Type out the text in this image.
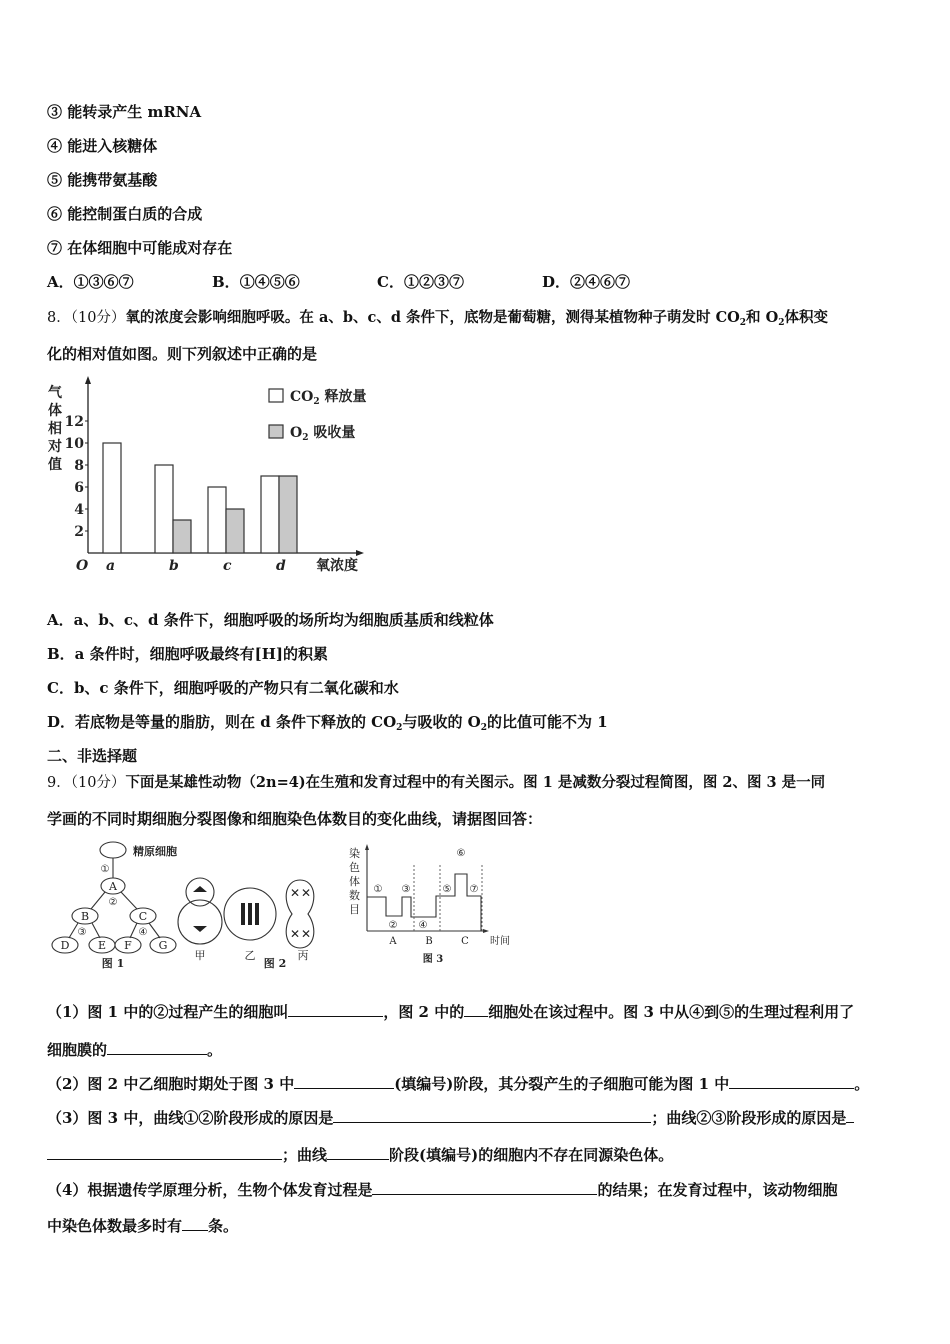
③ 能转录产生 mRNA
④ 能进入核糖体
⑤ 能携带氨基酸
⑥ 能控制蛋白质的合成
⑦ 在体细胞中可能成对存在
A．①③⑥⑦	B．①④⑤⑥	C．①②③⑦	D．②④⑥⑦
8．（10分）氧的浓度会影响细胞呼吸。在 a、b、c、d 条件下，底物是葡萄糖，测得某植物种子萌发时 $CO_2$和 $O_2$体积变
化的相对值如图。则下列叙述中正确的是
气
体
相
对
值
12
10
8
6
4
2
O a	b	c	d 氧浓度
$CO_2$ 释放量
$O_2$ 吸收量
A．a、b、c、d 条件下，细胞呼吸的场所均为细胞质基质和线粒体
B．a 条件时，细胞呼吸最终有[H]的积累
C．b、c 条件下，细胞呼吸的产物只有二氧化碳和水
D．若底物是等量的脂肪，则在 d 条件下释放的 $CO_2$与吸收的 $O_2$的比值可能不为 1
二、非选择题
9．（10分）下面是某雄性动物（2n=4)在生殖和发育过程中的有关图示。图 1 是减数分裂过程简图，图 2、图 3 是一同
学画的不同时期细胞分裂图像和细胞染色体数目的变化曲线，请据图回答：
A
B	C
D	E F G
①
②
③	④
图 1
精原细胞
✕ ✕
✕ ✕
甲	乙	丙
图 2
染
色
体
数
目
①
②
③
④
⑤
⑥
⑦
A	B	C 时间
图 3
（1）图 1 中的②过程产生的细胞叫	，图 2 中的 细胞处在该过程中。图 3 中从④到⑤的生理过程利用了
细胞膜的	。
（2）图 2 中乙细胞时期处于图 3 中	(填编号)阶段，其分裂产生的子细胞可能为图 1 中	。
（3）图 3 中，曲线①②阶段形成的原因是	；曲线②③阶段形成的原因是
；曲线	阶段(填编号)的细胞内不存在同源染色体。
（4）根据遗传学原理分析，生物个体发育过程是	的结果；在发育过程中，该动物细胞
中染色体数最多时有 条。
